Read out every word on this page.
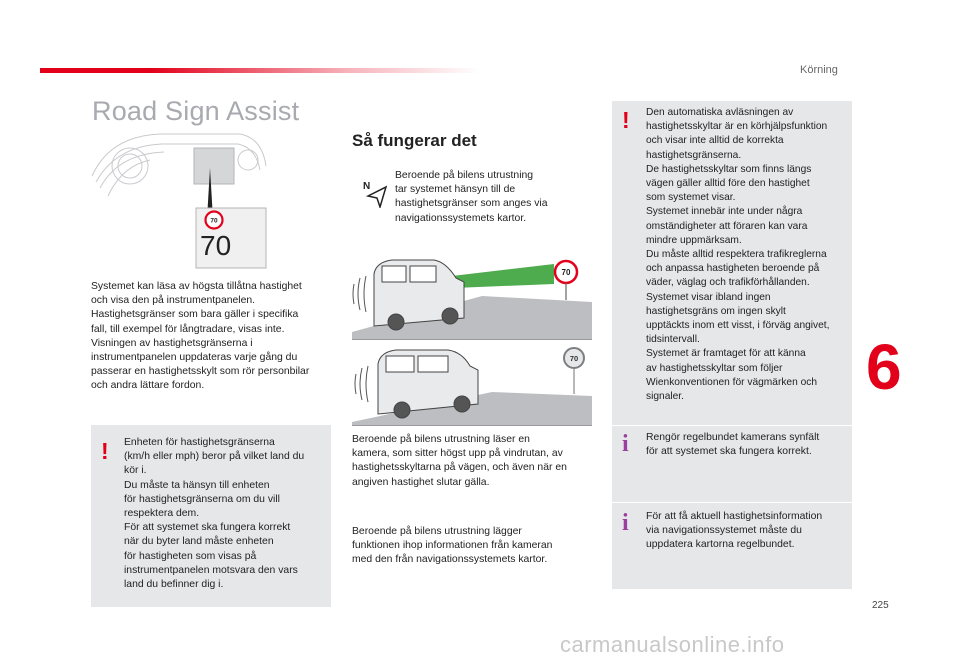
Körning
Road Sign Assist
70
70
Systemet kan läsa av högsta tillåtna hastighet
och visa den på instrumentpanelen.
Hastighetsgränser som bara gäller i specifika
fall, till exempel för långtradare, visas inte.
Visningen av hastighetsgränserna i
instrumentpanelen uppdateras varje gång du
passerar en hastighetsskylt som rör personbilar
och andra lättare fordon.
! Enheten för hastighetsgränserna
(km/h eller mph) beror på vilket land du
kör i.
Du måste ta hänsyn till enheten
för hastighetsgränserna om du vill
respektera dem.
För att systemet ska fungera korrekt
när du byter land måste enheten
för hastigheten som visas på
instrumentpanelen motsvara den vars
land du befinner dig i.
Så fungerar det
N
Beroende på bilens utrustning
tar systemet hänsyn till de
hastighetsgränser som anges via
navigationssystemets kartor.
70
70
Beroende på bilens utrustning läser en
kamera, som sitter högst upp på vindrutan, av
hastighetsskyltarna på vägen, och även när en
angiven hastighet slutar gälla.
Beroende på bilens utrustning lägger
funktionen ihop informationen från kameran
med den från navigationssystemets kartor.
! Den automatiska avläsningen av
hastighetsskyltar är en körhjälpsfunktion
och visar inte alltid de korrekta
hastighetsgränserna.
De hastighetsskyltar som finns längs
vägen gäller alltid före den hastighet
som systemet visar.
Systemet innebär inte under några
omständigheter att föraren kan vara
mindre uppmärksam.
Du måste alltid respektera trafikreglerna
och anpassa hastigheten beroende på
väder, väglag och trafikförhållanden.
Systemet visar ibland ingen
hastighetsgräns om ingen skylt
upptäckts inom ett visst, i förväg angivet,
tidsintervall.
Systemet är framtaget för att känna
av hastighetsskyltar som följer
Wienkonventionen för vägmärken och
signaler.
i Rengör regelbundet kamerans synfält
för att systemet ska fungera korrekt.
i För att få aktuell hastighetsinformation
via navigationssystemet måste du
uppdatera kartorna regelbundet.
6
225
carmanualsonline.info
